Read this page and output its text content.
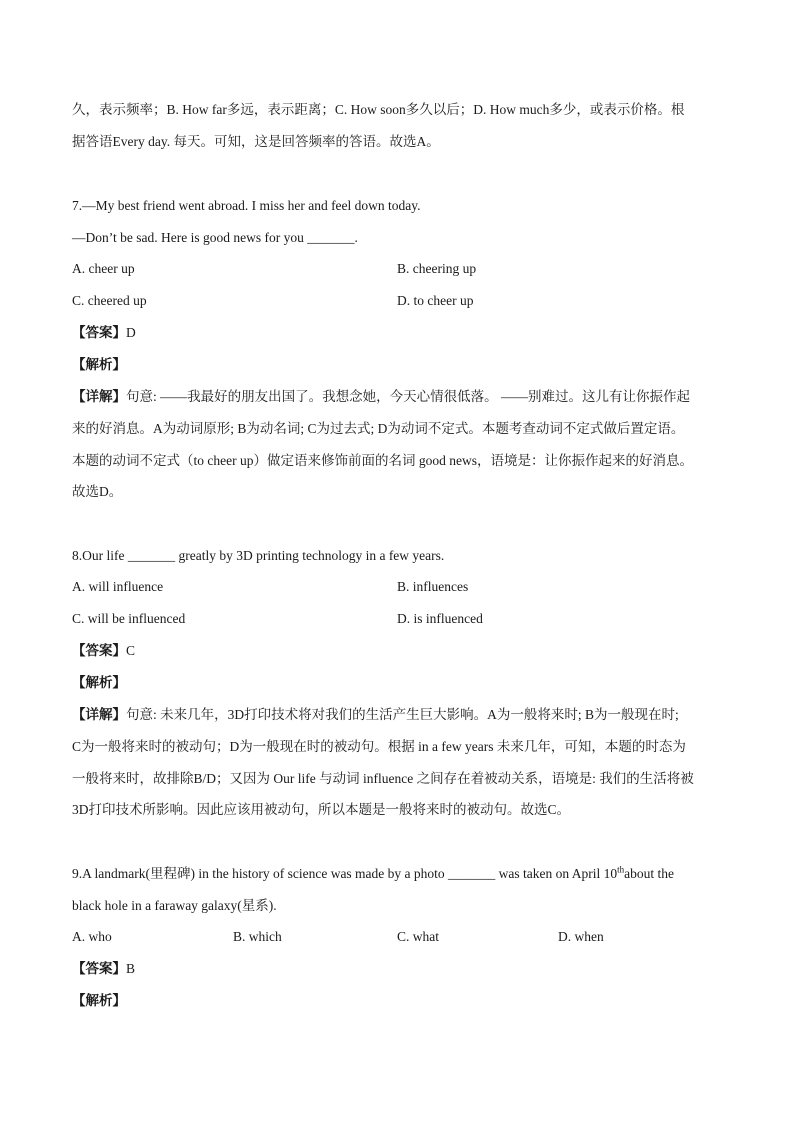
久，表示频率；B. How far多远，表示距离；C. How soon多久以后；D. How much多少，或表示价格。根
据答语Every day. 每天。可知，这是回答频率的答语。故选A。
7.—My best friend went abroad. I miss her and feel down today.
—Don’t be sad. Here is good news for you _______.
A. cheer up	B. cheering up
C. cheered up	D. to cheer up
【答案】D
【解析】
【详解】句意: ——我最好的朋友出国了。我想念她，今天心情很低落。 ——别难过。这儿有让你振作起
来的好消息。A为动词原形; B为动名词; C为过去式; D为动词不定式。本题考查动词不定式做后置定语。
本题的动词不定式（to cheer up）做定语来修饰前面的名词 good news，语境是：让你振作起来的好消息。
故选D。
8.Our life _______ greatly by 3D printing technology in a few years.
A. will influence	B. influences
C. will be influenced	D. is influenced
【答案】C
【解析】
【详解】句意: 未来几年，3D打印技术将对我们的生活产生巨大影响。A为一般将来时; B为一般现在时;
C为一般将来时的被动句；D为一般现在时的被动句。根据 in a few years 未来几年，可知，本题的时态为
一般将来时，故排除B/D；又因为 Our life 与动词 influence 之间存在着被动关系，语境是: 我们的生活将被
3D打印技术所影响。因此应该用被动句，所以本题是一般将来时的被动句。故选C。
9.A landmark(里程碑) in the history of science was made by a photo _______ was taken on April 10thabout the
black hole in a faraway galaxy(星系).
A. who	B. which	C. what	D. when
【答案】B
【解析】
